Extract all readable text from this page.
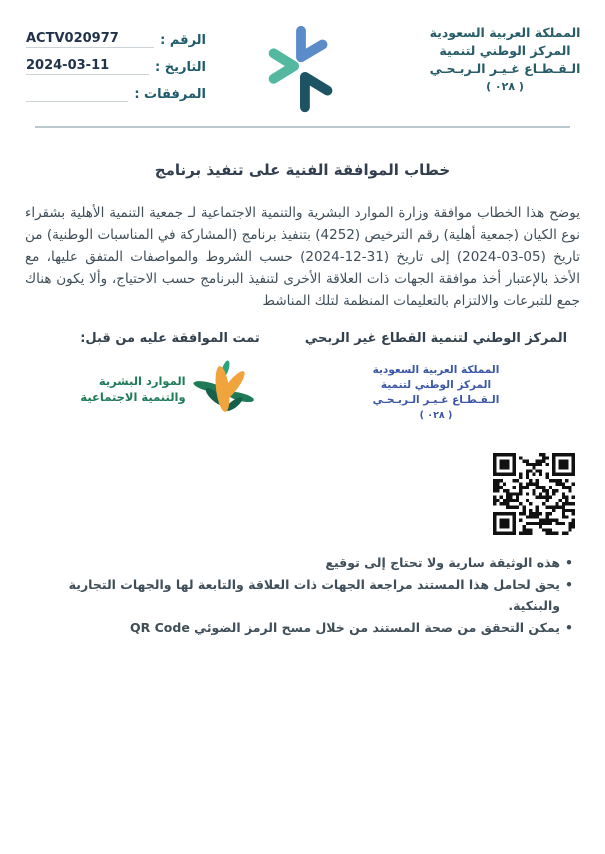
المملكة العربية السعودية
المركز الوطني لتنمية
الـقـطـاع غـيـر الـربـحـي
( ٠٢٨ )
الرقم :
ACTV020977
التاريخ :
2024-03-11
المرفقات :
خطاب الموافقة الفنية على تنفيذ برنامج
يوضح هذا الخطاب موافقة وزارة الموارد البشرية والتنمية الاجتماعية لـ جمعية التنمية الأهلية بشقراء نوع الكيان (جمعية أهلية) رقم الترخيص (4252) بتنفيذ برنامج (المشاركة في المناسبات الوطنية) من تاريخ (05-03-2024) إلى تاريخ (31-12-2024) حسب الشروط والمواصفات المتفق عليها، مع الأخذ بالإعتبار أخذ موافقة الجهات ذات العلاقة الأخرى لتنفيذ البرنامج حسب الاحتياج، وألا يكون هناك جمع للتبرعات والالتزام بالتعليمات المنظمة لتلك المناشط
المركز الوطني لتنمية القطاع غير الربحي
المملكة العربية السعودية
المركز الوطني لتنمية
الـقـطـاع غـيـر الـربـحـي
( ٠٢٨ )
تمت الموافقة عليه من قبل:
الموارد البشرية
والتنمية الاجتماعية
• هذه الوثيقة سارية ولا تحتاج إلى توقيع
• يحق لحامل هذا المستند مراجعة الجهات ذات العلاقة والتابعة لها والجهات التجارية والبنكية.
• يمكن التحقق من صحة المستند من خلال مسح الرمز الضوئي QR Code
